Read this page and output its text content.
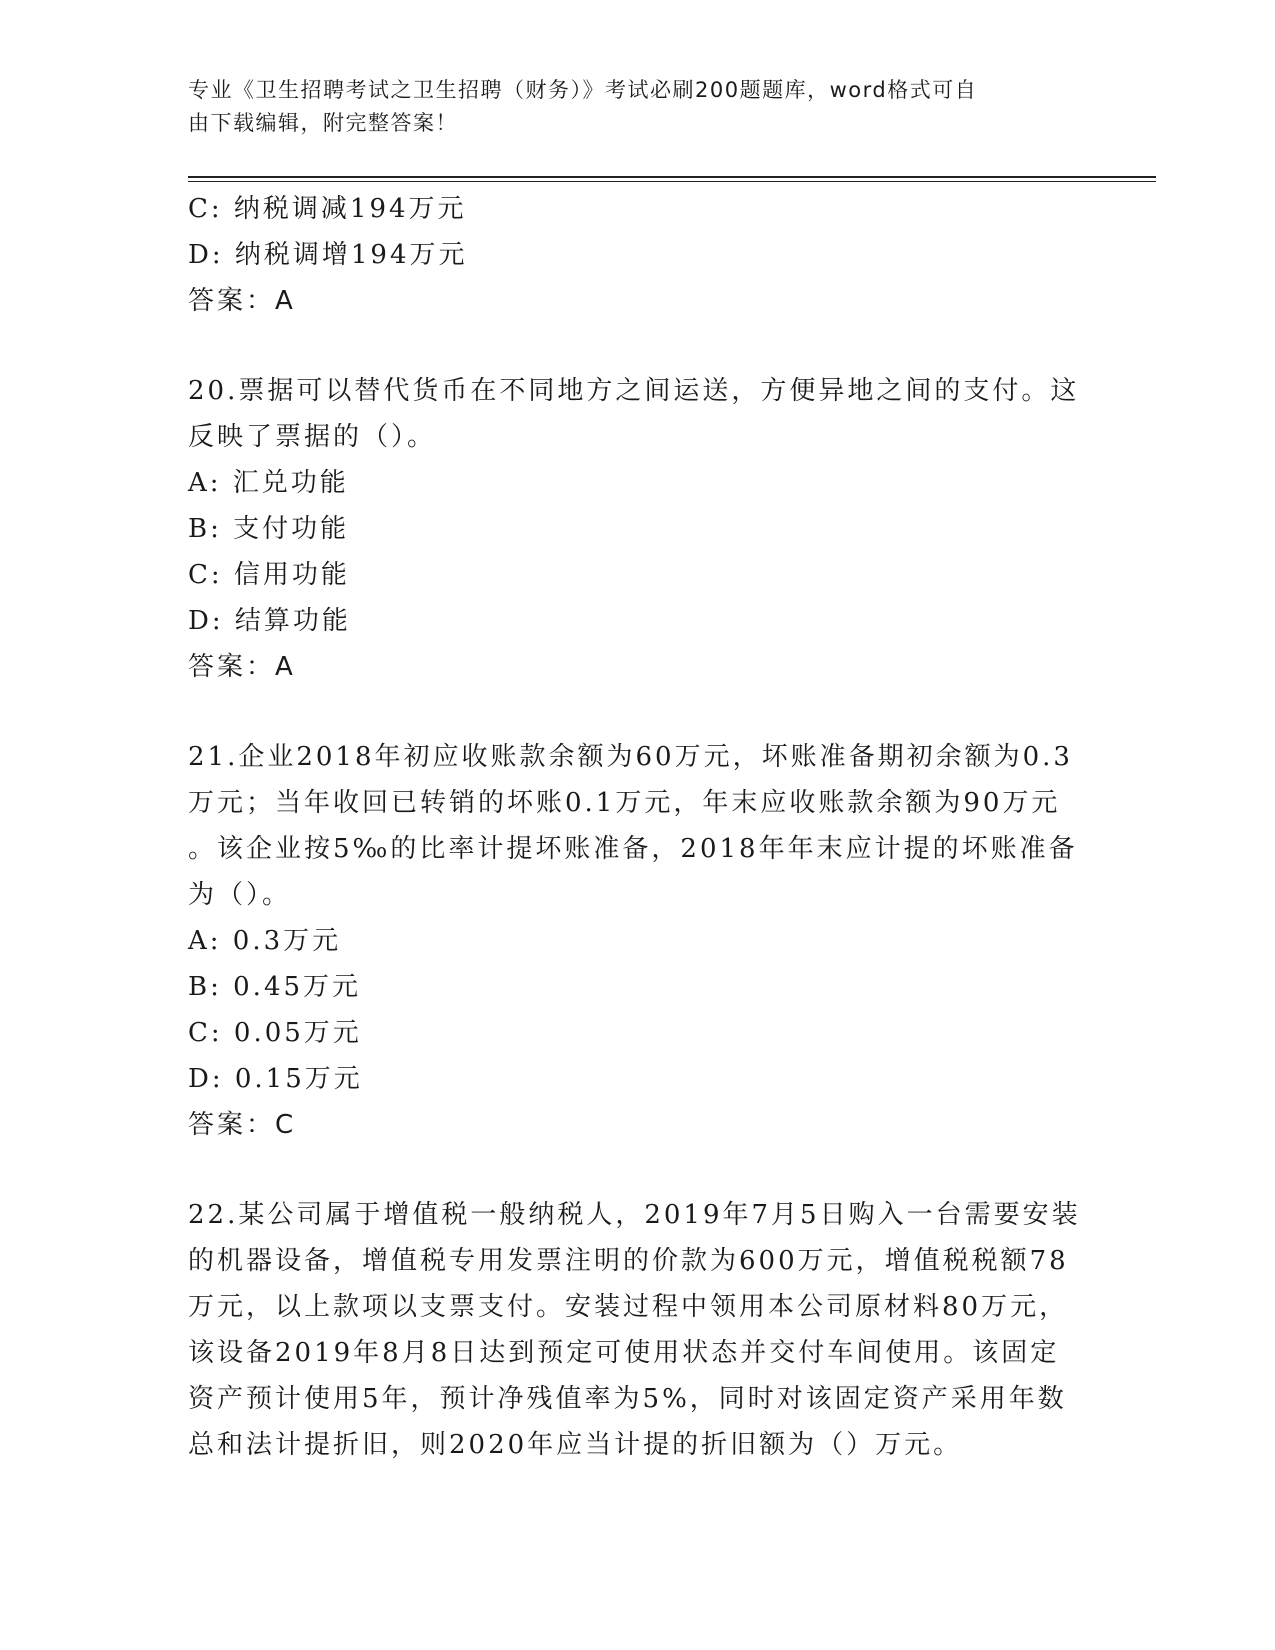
专业《卫生招聘考试之卫生招聘（财务）》考试必刷200题题库，word格式可自
由下载编辑，附完整答案！
C: 纳税调减194万元
D: 纳税调增194万元
答案：A
20.票据可以替代货币在不同地方之间运送，方便异地之间的支付。这
反映了票据的（）。
A: 汇兑功能
B: 支付功能
C: 信用功能
D: 结算功能
答案：A
21.企业2018年初应收账款余额为60万元，坏账准备期初余额为0.3
万元；当年收回已转销的坏账0.1万元，年末应收账款余额为90万元
。该企业按5‰的比率计提坏账准备，2018年年末应计提的坏账准备
为（）。
A: 0.3万元
B: 0.45万元
C: 0.05万元
D: 0.15万元
答案：C
22.某公司属于增值税一般纳税人，2019年7月5日购入一台需要安装
的机器设备，增值税专用发票注明的价款为600万元，增值税税额78
万元，以上款项以支票支付。安装过程中领用本公司原材料80万元，
该设备2019年8月8日达到预定可使用状态并交付车间使用。该固定
资产预计使用5年，预计净残值率为5%，同时对该固定资产采用年数
总和法计提折旧，则2020年应当计提的折旧额为（）万元。
